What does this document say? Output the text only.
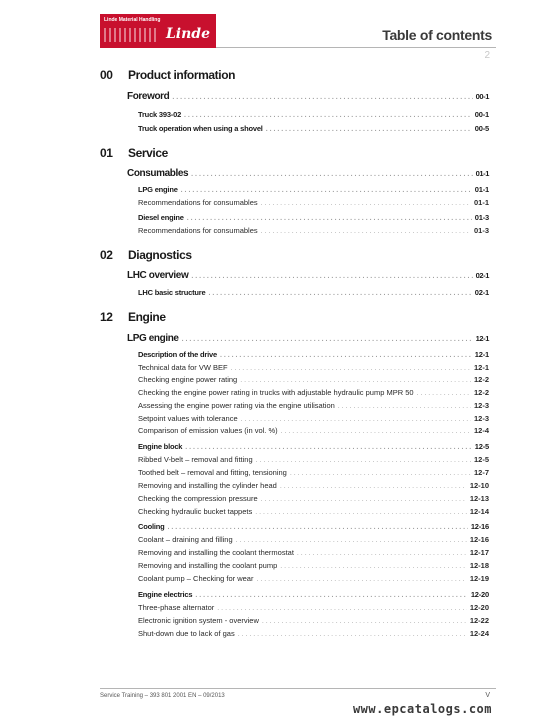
Linde Material Handling
Linde	Table of contents
2
00 Product information
01 Service
02 Diagnostics
12 Engine
Foreword . . .	00-1
Truck 393-02 . . .	00-1
Truck operation when using a shovel . . .	00-5
Consumables . . .	01-1
LPG engine . . .	01-1
Recommendations for consumables . . .	01-1
Diesel engine . . .	01-3
Recommendations for consumables . . .	01-3
LHC overview . . .	02-1
LHC basic structure . . .	02-1
LPG engine . . .	12-1
Description of the drive . . .	12-1
Technical data for VW BEF . . .	12-1
Checking engine power rating . . .	12-2
Checking the engine power rating in trucks with adjustable hydraulic pump MPR 50 . . .	12-2
Assessing the engine power rating via the engine utilisation . . .	12-3
Setpoint values with tolerance . . .	12-3
Comparison of emission values (in vol. %) . . .	12-4
Engine block . . .	12-5
Ribbed V-belt – removal and fitting . . .	12-5
Toothed belt – removal and fitting, tensioning . . .	12-7
Removing and installing the cylinder head . . .	12-10
Checking the compression pressure . . .	12-13
Checking hydraulic bucket tappets . . .	12-14
Cooling . . .	12-16
Coolant – draining and filling . . .	12-16
Removing and installing the coolant thermostat . . .	12-17
Removing and installing the coolant pump . . .	12-18
Coolant pump – Checking for wear . . .	12-19
Engine electrics . . .	12-20
Three-phase alternator . . .	12-20
Electronic ignition system - overview . . .	12-22
Shut-down due to lack of gas . . .	12-24
Service Training – 393 801 2001 EN – 09/2013	V
www.epcatalogs.com
